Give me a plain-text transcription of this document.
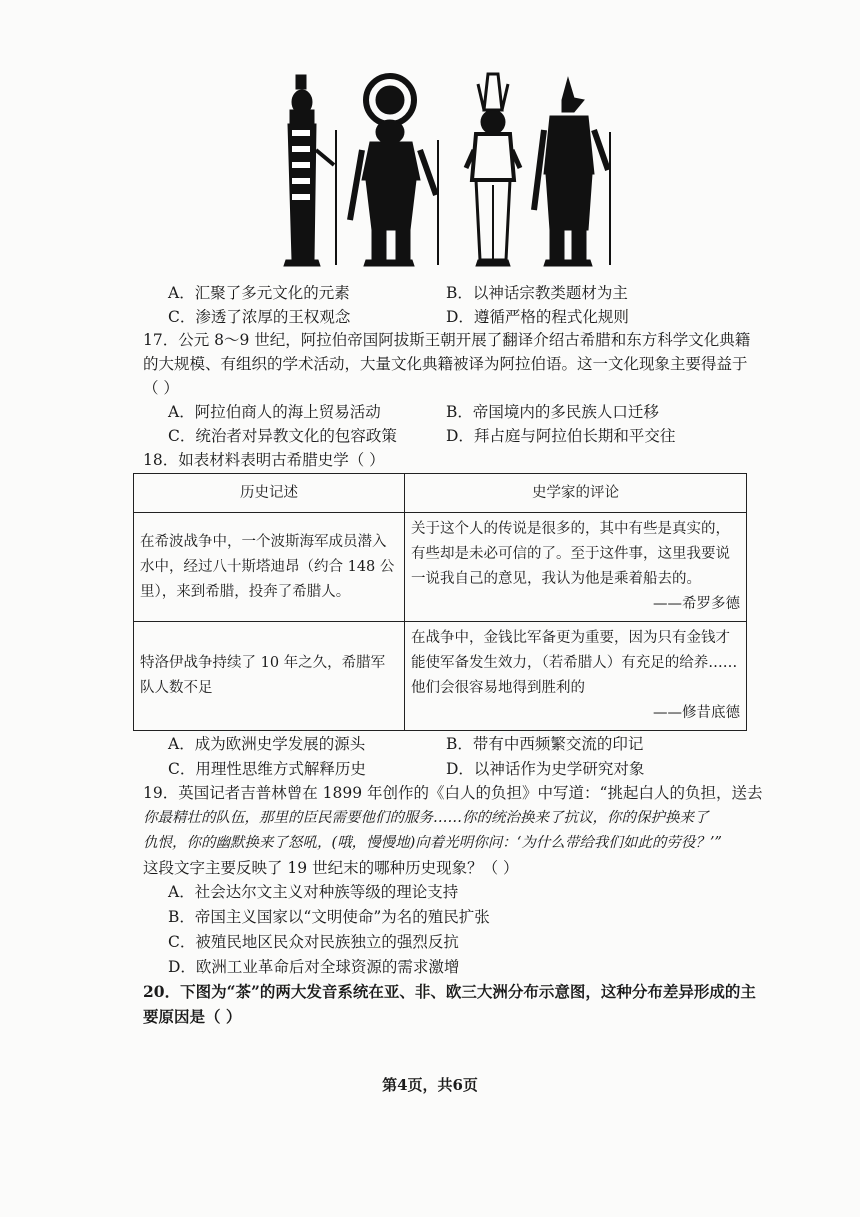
A．汇聚了多元文化的元素	B．以神话宗教类题材为主
C．渗透了浓厚的王权观念	D．遵循严格的程式化规则
17．公元 8～9 世纪，阿拉伯帝国阿拔斯王朝开展了翻译介绍古希腊和东方科学文化典籍
的大规模、有组织的学术活动，大量文化典籍被译为阿拉伯语。这一文化现象主要得益于
（ ）
A．阿拉伯商人的海上贸易活动	B．帝国境内的多民族人口迁移
C．统治者对异教文化的包容政策	D．拜占庭与阿拉伯长期和平交往
18．如表材料表明古希腊史学（ ）
历史记述	史学家的评论
在希波战争中，一个波斯海军成员潜入水中，经过八十斯塔迪昂（约合 148 公里），来到希腊，投奔了希腊人。	关于这个人的传说是很多的，其中有些是真实的，有些却是未必可信的了。至于这件事，这里我要说一说我自己的意见，我认为他是乘着船去的。
——希罗多德

特洛伊战争持续了 10 年之久，希腊军队人数不足	在战争中，金钱比军备更为重要，因为只有金钱才能使军备发生效力，（若希腊人）有充足的给养……他们会很容易地得到胜利的
——修昔底德
A．成为欧洲史学发展的源头	B．带有中西频繁交流的印记
C．用理性思维方式解释历史	D．以神话作为史学研究对象
19．英国记者吉普林曾在 1899 年创作的《白人的负担》中写道：“挑起白人的负担，送去
你最精壮的队伍，那里的臣民需要他们的服务……你的统治换来了抗议，你的保护换来了
仇恨，你的幽默换来了怒吼，(哦，慢慢地)向着光明你问：‘为什么带给我们如此的劳役？’”
这段文字主要反映了 19 世纪末的哪种历史现象？（ ）
A．社会达尔文主义对种族等级的理论支持
B．帝国主义国家以“文明使命”为名的殖民扩张
C．被殖民地区民众对民族独立的强烈反抗
D．欧洲工业革命后对全球资源的需求激增
20．下图为“茶”的两大发音系统在亚、非、欧三大洲分布示意图，这种分布差异形成的主
要原因是（ ）
第4页，共6页
